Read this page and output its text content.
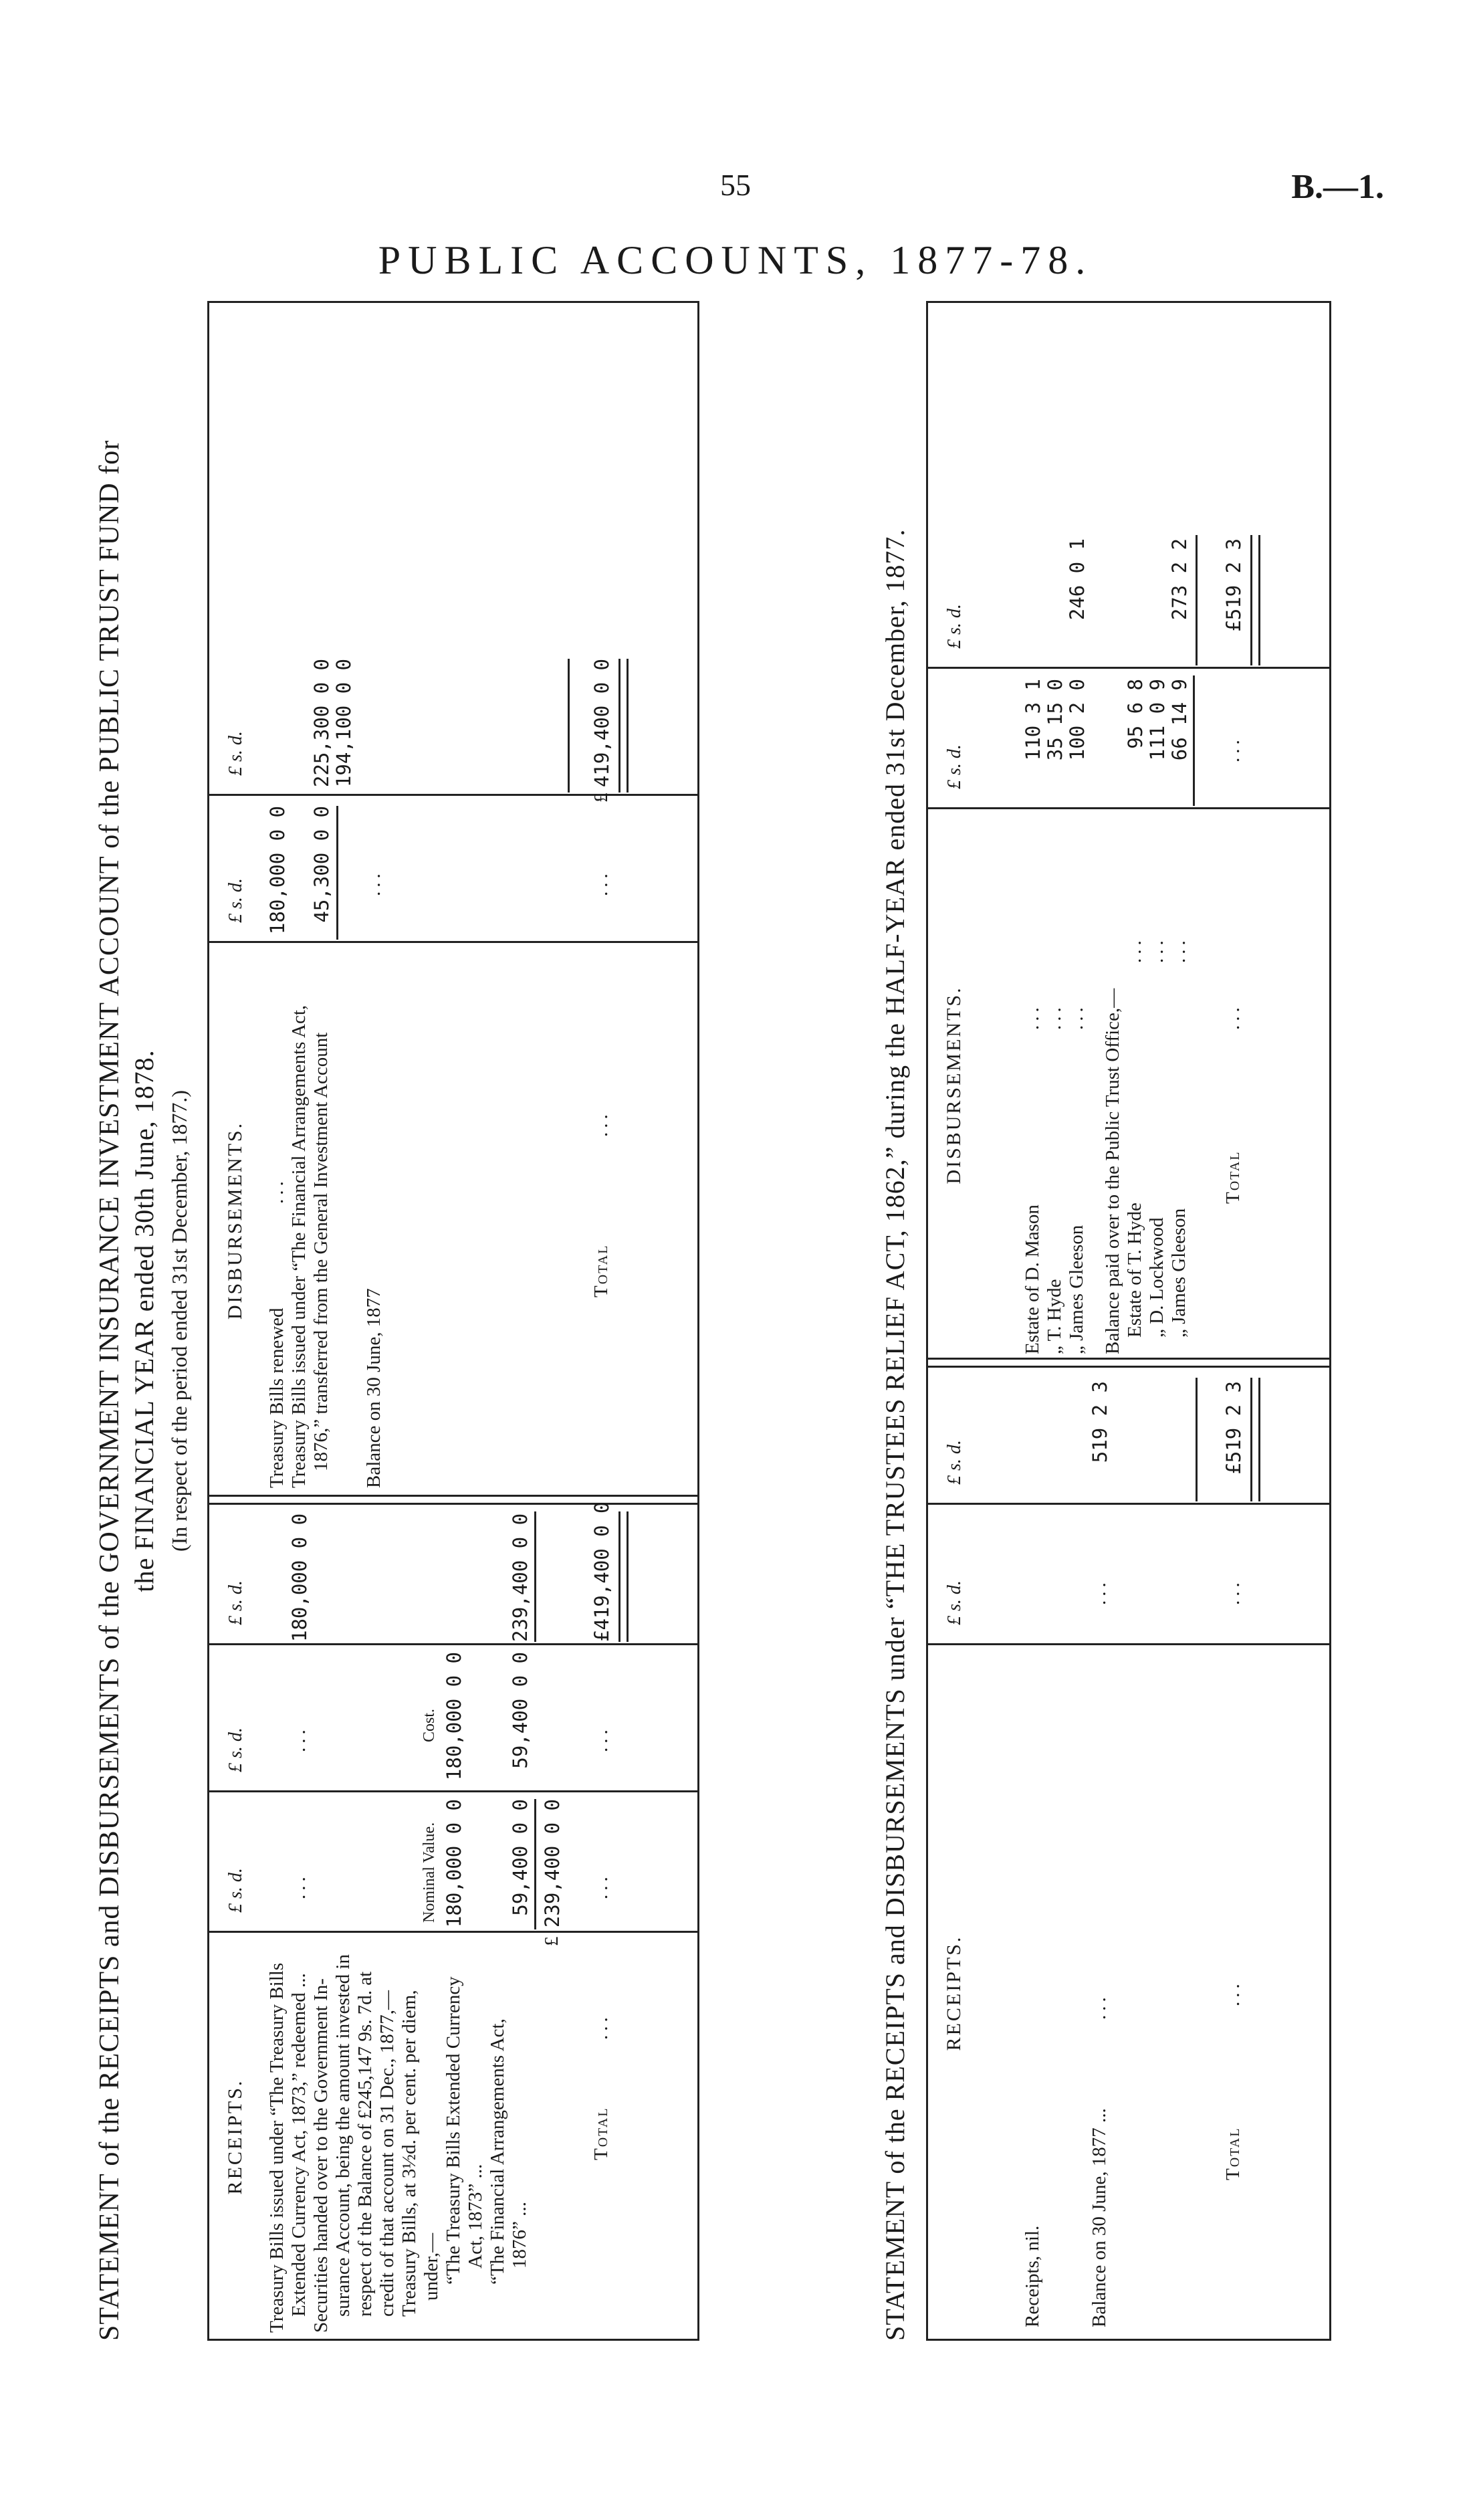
55	B.—1.
PUBLIC ACCOUNTS, 1877-78.
STATEMENT of the RECEIPTS and DISBURSEMENTS of the GOVERNMENT INSURANCE INVESTMENT ACCOUNT of the PUBLIC TRUST FUND for the FINANCIAL YEAR ended 30th June, 1878. (In respect of the period ended 31st December, 1877.)
RECEIPTS.
£ s. d.
£ s. d.
£ s. d.
DISBURSEMENTS.
£ s. d.
£ s. d.
Treasury Bills issued under “The Treasury Bills Extended Currency Act, 1873,” redeemed ... Securities handed over to the Government In- surance Account, being the amount invested in respect of the Balance of £245,147 9s. 7d. at credit of that account on 31 Dec., 1877,— Treasury Bills, at 3½d. per cent. per diem, under,— “The Treasury Bills Extended Currency Act, 1873” ... “The Financial Arrangements Act, 1876” ...
...
...
180,000 0 0
Nominal Value.
Cost.
180,000 0 0
180,000 0 0
59,400 0 0
59,400 0 0
239,400 0 0
£
239,400 0 0
Total
£419,400 0 0
...
...
...
Treasury Bills renewed Treasury Bills issued under “The Financial Arrangements Act, 1876,” transferred from the General Investment Account Balance on 30 June, 1877
...
180,000 0 0 45,300 0 0
225,300 0 0 194,100 0 0
...
Total
...
...
£
419,400 0 0	STATEMENT of the RECEIPTS and DISBURSEMENTS under “THE TRUSTEES RELIEF ACT, 1862,” during the HALF-YEAR ended 31st December, 1877. RECEIPTS.
£ s. d.
£ s. d.
DISBURSEMENTS.
£ s. d.
£ s. d.
Receipts, nil. Balance on 30 June, 1877 ...
...
...
519 2 3
Total
...
...
£519 2 3
Estate of D. Mason „ T. Hyde „ James Gleeson
110 3 1 35 15 0 100 2 0
246 0 1
... ... ... Balance paid over to the Public Trust Office,— Estate of T. Hyde „ D. Lockwood „ James Gleeson
95 6 8 111 0 9 66 14 9
273 2 2
... ... ...
Total
...
...
£519 2 3
